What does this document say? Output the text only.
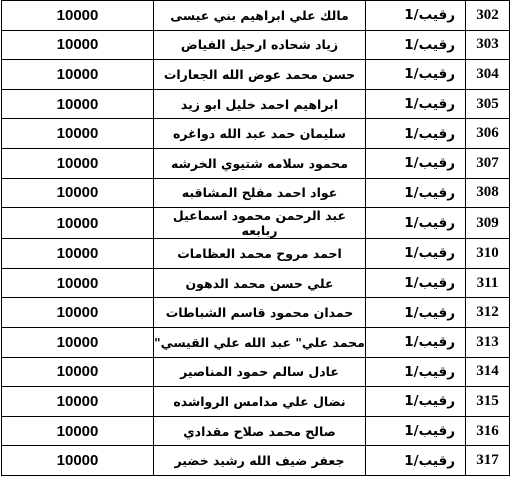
302	رقيب/1	مالك علي ابراهيم بني عيسى	10000
303	رقيب/1	زياد شحاده ارحيل الفياض	10000
304	رقيب/1	حسن محمد عوض الله الجعارات	10000
305	رقيب/1	ابراهيم احمد خليل ابو زيد	10000
306	رقيب/1	سليمان حمد عبد الله دواغره	10000
307	رقيب/1	محمود سلامه شتيوي الخرشه	10000
308	رقيب/1	عواد احمد مفلح المشاقبه	10000
309	رقيب/1	عبد الرحمن محمود اسماعيل ربابعه	10000
310	رقيب/1	احمد مروح محمد العظامات	10000
311	رقيب/1	علي حسن محمد الدهون	10000
312	رقيب/1	حمدان محمود قاسم الشباطات	10000
313	رقيب/1	محمد علي" عبد الله علي القيسي"	10000
314	رقيب/1	عادل سالم حمود المناصير	10000
315	رقيب/1	نضال علي مدامس الرواشده	10000
316	رقيب/1	صالح محمد صلاح مقدادي	10000
317	رقيب/1	جعفر ضيف الله رشيد خضير	10000
